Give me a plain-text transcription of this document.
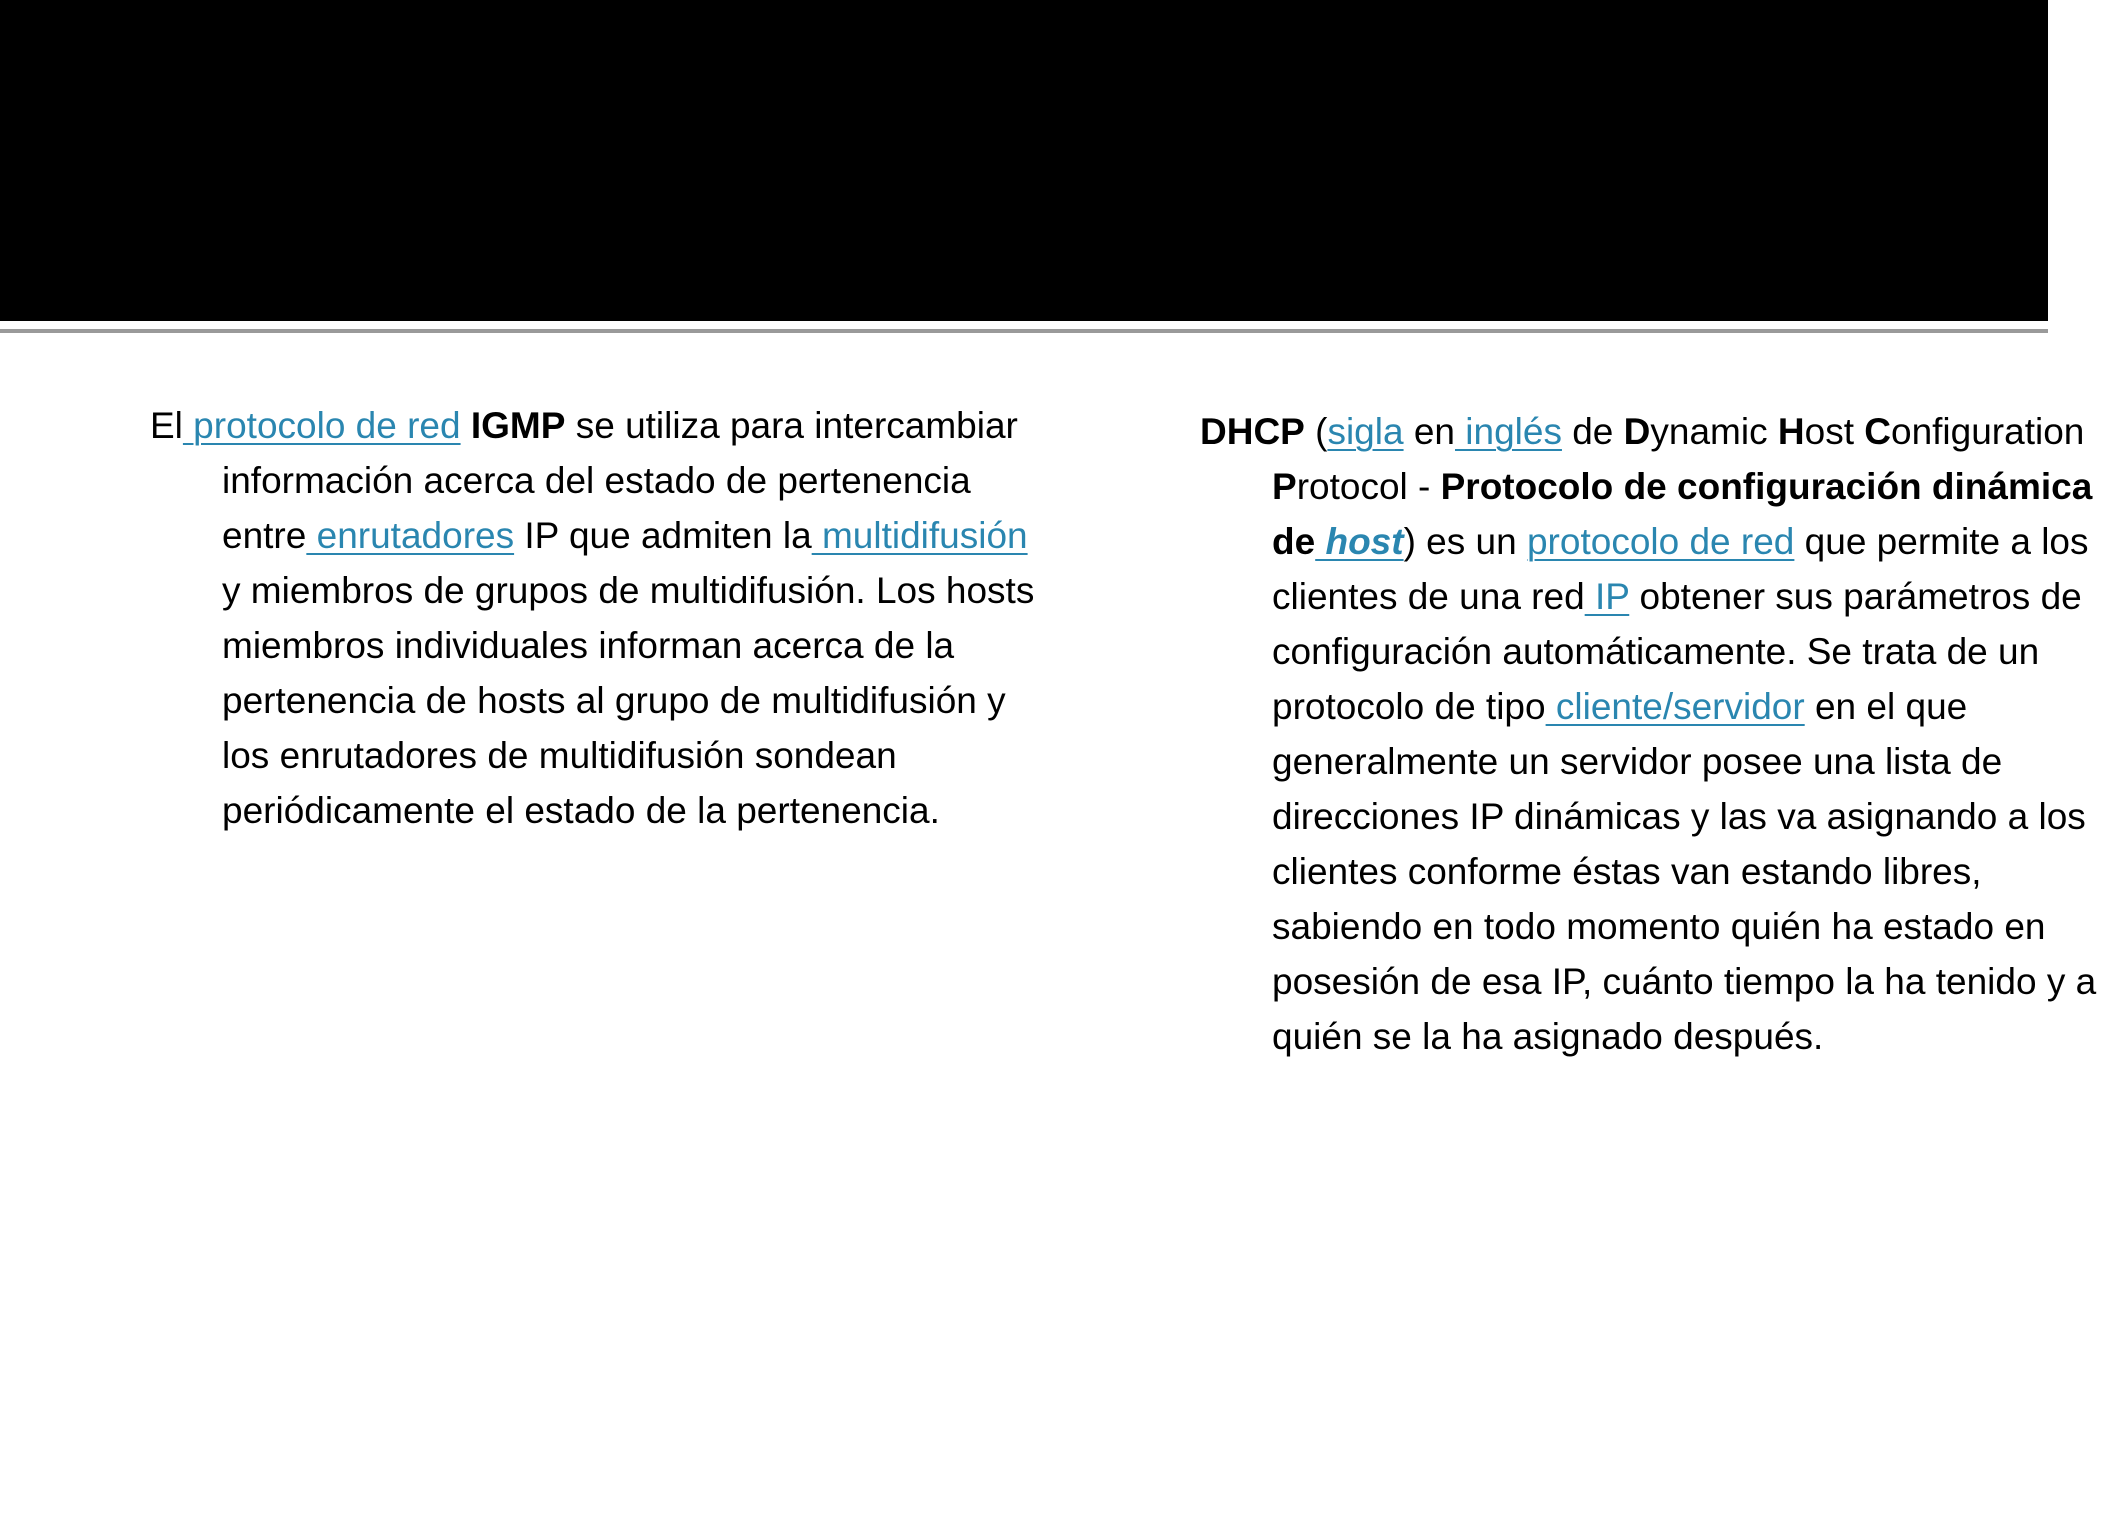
El protocolo de red IGMP se utiliza para intercambiar información acerca del estado de pertenencia entre enrutadores IP que admiten la multidifusión y miembros de grupos de multidifusión. Los hosts miembros individuales informan acerca de la pertenencia de hosts al grupo de multidifusión y los enrutadores de multidifusión sondean periódicamente el estado de la pertenencia.

DHCP (sigla en inglés de Dynamic Host Configuration Protocol - Protocolo de configuración dinámica de host) es un protocolo de red que permite a los clientes de una red IP obtener sus parámetros de configuración automáticamente. Se trata de un protocolo de tipo cliente/servidor en el que generalmente un servidor posee una lista de direcciones IP dinámicas y las va asignando a los clientes conforme éstas van estando libres, sabiendo en todo momento quién ha estado en posesión de esa IP, cuánto tiempo la ha tenido y a quién se la ha asignado después.
